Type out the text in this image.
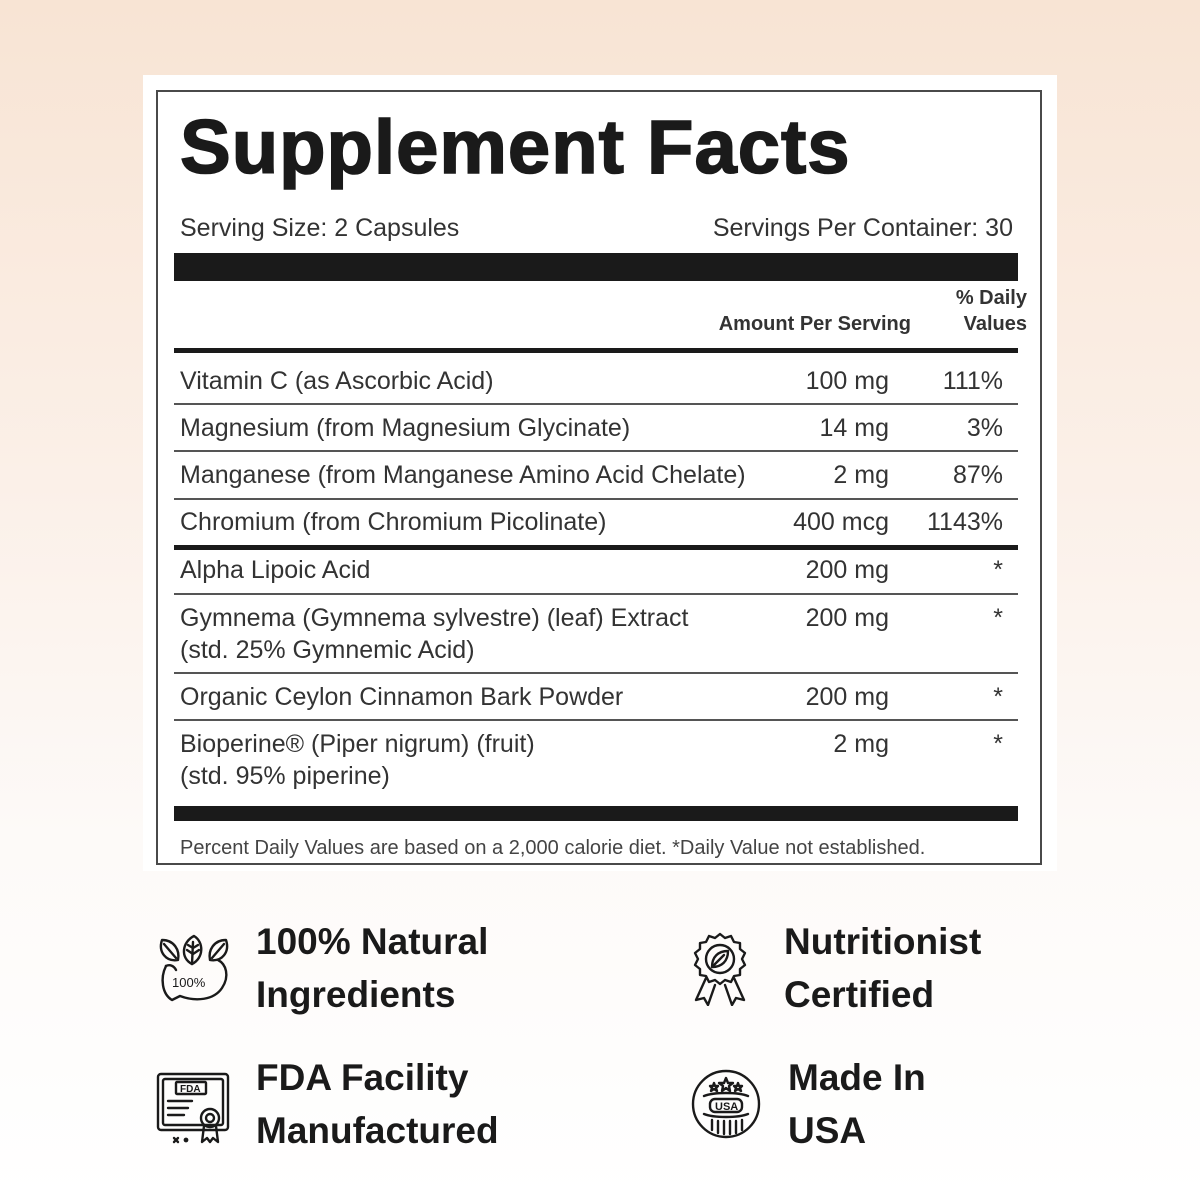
Supplement Facts
Serving Size: 2 Capsules	Servings Per Container: 30
Amount Per Serving
% Daily
Values
Vitamin C (as Ascorbic Acid)	100 mg 111%
Magnesium (from Magnesium Glycinate)	14 mg	3%
Manganese (from Manganese Amino Acid Chelate)	2 mg	87%
Chromium (from Chromium Picolinate)	400 mcg 1143%
Alpha Lipoic Acid	200 mg	*
Gymnema (Gymnema sylvestre) (leaf) Extract
(std. 25% Gymnemic Acid)
200 mg	*
Organic Ceylon Cinnamon Bark Powder	200 mg	*
Bioperine® (Piper nigrum) (fruit)
(std. 95% piperine)
2 mg	*
Percent Daily Values are based on a 2,000 calorie diet. *Daily Value not established.
100%
100% Natural
Ingredients
Nutritionist
Certified
FDA FDA Facility
Manufactured
USA
Made In
USA
